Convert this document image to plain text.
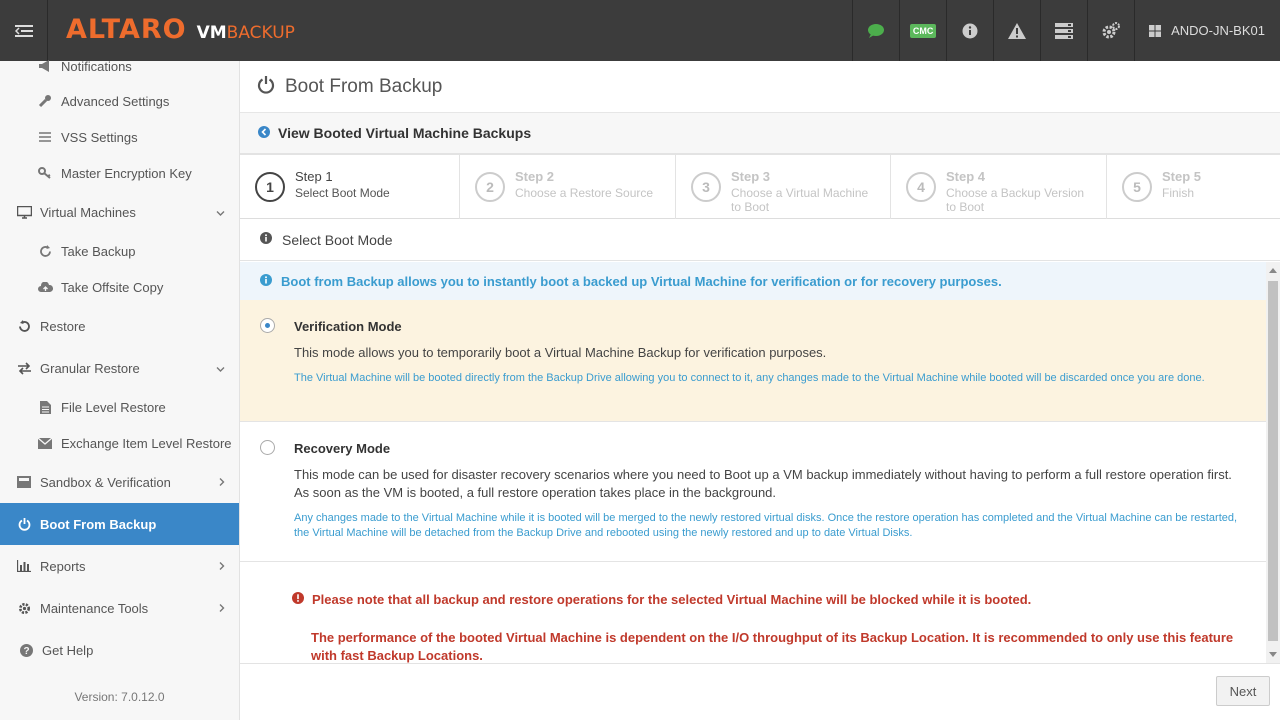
ALTARO VM BACKUP	CMC	ANDO-JN-BK01
Notifications
Advanced Settings
VSS Settings
Master Encryption Key
Virtual Machines
Take Backup
Take Offsite Copy
Restore
Granular Restore
File Level Restore
Exchange Item Level Restore
Sandbox & Verification
Boot From Backup
Reports
Maintenance Tools
? Get Help
Version: 7.0.12.0
Boot From Backup
View Booted Virtual Machine Backups
1
Step 1
Select Boot Mode	2
Step 2
Choose a Restore Source	3
Step 3
Choose a Virtual Machine to Boot
4
Step 4
Choose a Backup Version to Boot
5
Step 5
Finish
Select Boot Mode
Boot from Backup allows you to instantly boot a backed up Virtual Machine for verification or for recovery purposes.
Verification Mode
This mode allows you to temporarily boot a Virtual Machine Backup for verification purposes.
The Virtual Machine will be booted directly from the Backup Drive allowing you to connect to it, any changes made to the Virtual Machine while booted will be discarded once you are done.
Recovery Mode
This mode can be used for disaster recovery scenarios where you need to Boot up a VM backup immediately without having to perform a full restore operation first. As soon as the VM is booted, a full restore operation takes place in the background.
Any changes made to the Virtual Machine while it is booted will be merged to the newly restored virtual disks. Once the restore operation has completed and the Virtual Machine can be restarted, the Virtual Machine will be detached from the Backup Drive and rebooted using the newly restored and up to date Virtual Disks.
Please note that all backup and restore operations for the selected Virtual Machine will be blocked while it is booted.
The performance of the booted Virtual Machine is dependent on the I/O throughput of its Backup Location. It is recommended to only use this feature with fast Backup Locations.
Next
